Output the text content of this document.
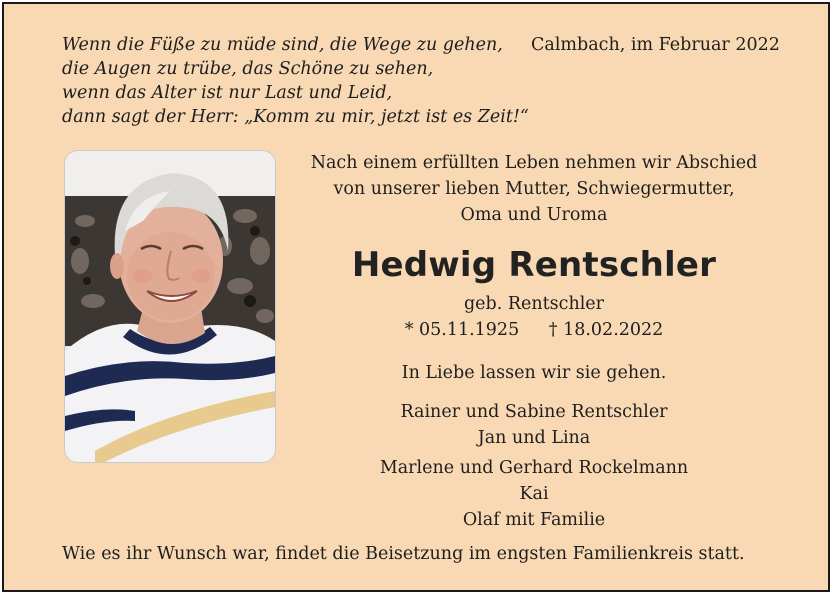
Wenn die Füße zu müde sind, die Wege zu gehen,
die Augen zu trübe, das Schöne zu sehen,
wenn das Alter ist nur Last und Leid,
dann sagt der Herr: „Komm zu mir, jetzt ist es Zeit!“
Calmbach, im Februar 2022
Nach einem erfüllten Leben nehmen wir Abschied
von unserer lieben Mutter, Schwiegermutter,
Oma und Uroma
Hedwig Rentschler
geb. Rentschler
* 05.11.1925 † 18.02.2022
In Liebe lassen wir sie gehen.
Rainer und Sabine Rentschler
Jan und Lina
Marlene und Gerhard Rockelmann
Kai
Olaf mit Familie
Wie es ihr Wunsch war, findet die Beisetzung im engsten Familienkreis statt.
